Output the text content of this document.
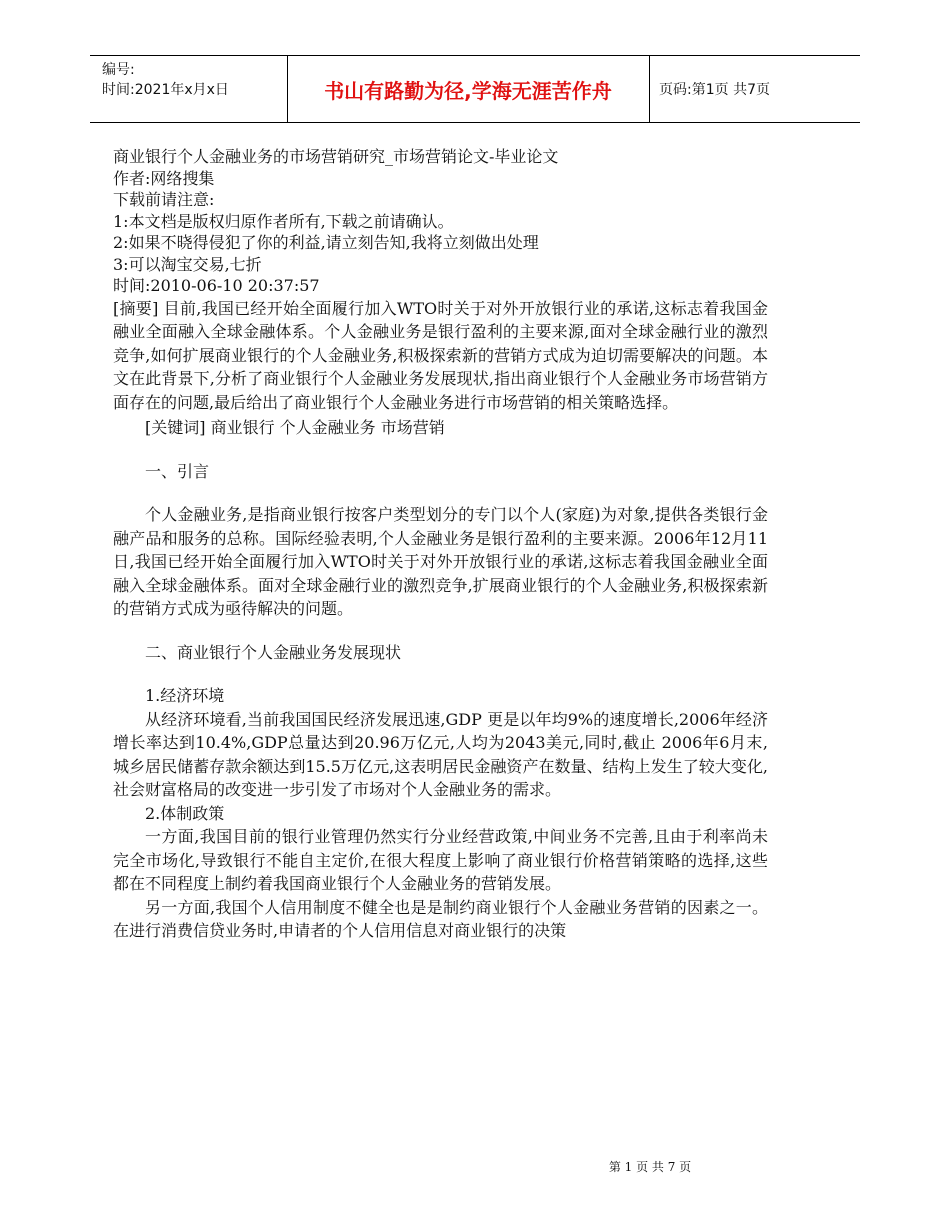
编号:
时间:2021年x月x日	书山有路勤为径,学海无涯苦作舟	页码:第1页 共7页
商业银行个人金融业务的市场营销研究_市场营销论文-毕业论文
作者:网络搜集
下载前请注意:
1:本文档是版权归原作者所有,下载之前请确认。
2:如果不晓得侵犯了你的利益,请立刻告知,我将立刻做出处理
3:可以淘宝交易,七折
时间:2010-06-10 20:37:57
[摘要] 目前,我国已经开始全面履行加入WTO时关于对外开放银行业的承诺,这标志着我国金融业全面融入全球金融体系。个人金融业务是银行盈利的主要来源,面对全球金融行业的激烈竞争,如何扩展商业银行的个人金融业务,积极探索新的营销方式成为迫切需要解决的问题。本文在此背景下,分析了商业银行个人金融业务发展现状,指出商业银行个人金融业务市场营销方面存在的问题,最后给出了商业银行个人金融业务进行市场营销的相关策略选择。
[关键词] 商业银行 个人金融业务 市场营销
一、引言
个人金融业务,是指商业银行按客户类型划分的专门以个人(家庭)为对象,提供各类银行金融产品和服务的总称。国际经验表明,个人金融业务是银行盈利的主要来源。2006年12月11日,我国已经开始全面履行加入WTO时关于对外开放银行业的承诺,这标志着我国金融业全面融入全球金融体系。面对全球金融行业的激烈竞争,扩展商业银行的个人金融业务,积极探索新的营销方式成为亟待解决的问题。
二、商业银行个人金融业务发展现状
1.经济环境
从经济环境看,当前我国国民经济发展迅速,GDP 更是以年均9%的速度增长,2006年经济增长率达到10.4%,GDP总量达到20.96万亿元,人均为2043美元,同时,截止 2006年6月末,城乡居民储蓄存款余额达到15.5万亿元,这表明居民金融资产在数量、结构上发生了较大变化,社会财富格局的改变进一步引发了市场对个人金融业务的需求。
2.体制政策
一方面,我国目前的银行业管理仍然实行分业经营政策,中间业务不完善,且由于利率尚未完全市场化,导致银行不能自主定价,在很大程度上影响了商业银行价格营销策略的选择,这些都在不同程度上制约着我国商业银行个人金融业务的营销发展。
另一方面,我国个人信用制度不健全也是是制约商业银行个人金融业务营销的因素之一。在进行消费信贷业务时,申请者的个人信用信息对商业银行的决策
第 1 页 共 7 页
